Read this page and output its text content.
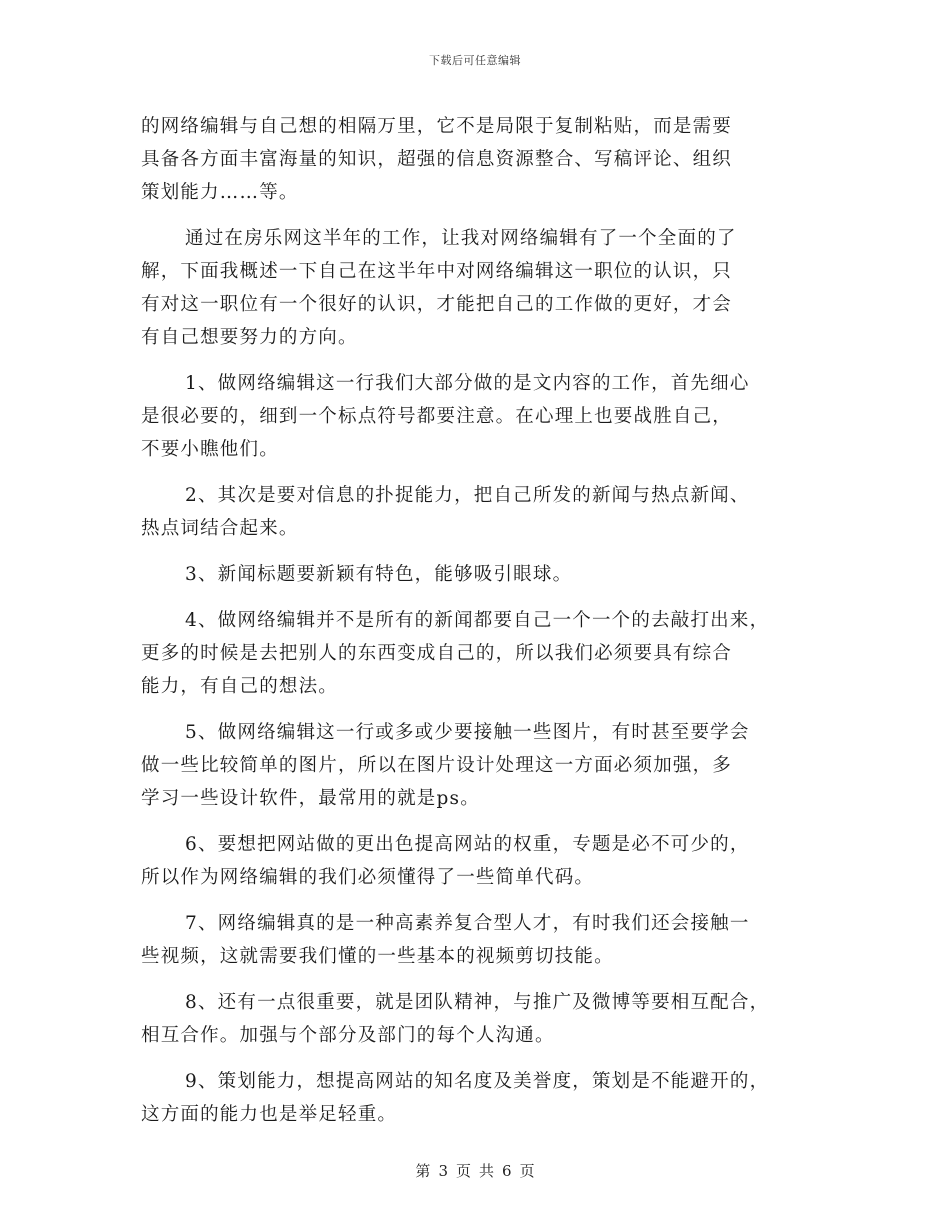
下载后可任意编辑
的网络编辑与自己想的相隔万里，它不是局限于复制粘贴，而是需要
具备各方面丰富海量的知识，超强的信息资源整合、写稿评论、组织
策划能力……等。
通过在房乐网这半年的工作，让我对网络编辑有了一个全面的了
解，下面我概述一下自己在这半年中对网络编辑这一职位的认识，只
有对这一职位有一个很好的认识，才能把自己的工作做的更好，才会
有自己想要努力的方向。
1、做网络编辑这一行我们大部分做的是文内容的工作，首先细心
是很必要的，细到一个标点符号都要注意。在心理上也要战胜自己，
不要小瞧他们。
2、其次是要对信息的扑捉能力，把自己所发的新闻与热点新闻、
热点词结合起来。
3、新闻标题要新颖有特色，能够吸引眼球。
4、做网络编辑并不是所有的新闻都要自己一个一个的去敲打出来，
更多的时候是去把别人的东西变成自己的，所以我们必须要具有综合
能力，有自己的想法。
5、做网络编辑这一行或多或少要接触一些图片，有时甚至要学会
做一些比较简单的图片，所以在图片设计处理这一方面必须加强，多
学习一些设计软件，最常用的就是ps。
6、要想把网站做的更出色提高网站的权重，专题是必不可少的，
所以作为网络编辑的我们必须懂得了一些简单代码。
7、网络编辑真的是一种高素养复合型人才，有时我们还会接触一
些视频，这就需要我们懂的一些基本的视频剪切技能。
8、还有一点很重要，就是团队精神，与推广及微博等要相互配合，
相互合作。加强与个部分及部门的每个人沟通。
9、策划能力，想提高网站的知名度及美誉度，策划是不能避开的，
这方面的能力也是举足轻重。
第 3 页 共 6 页
